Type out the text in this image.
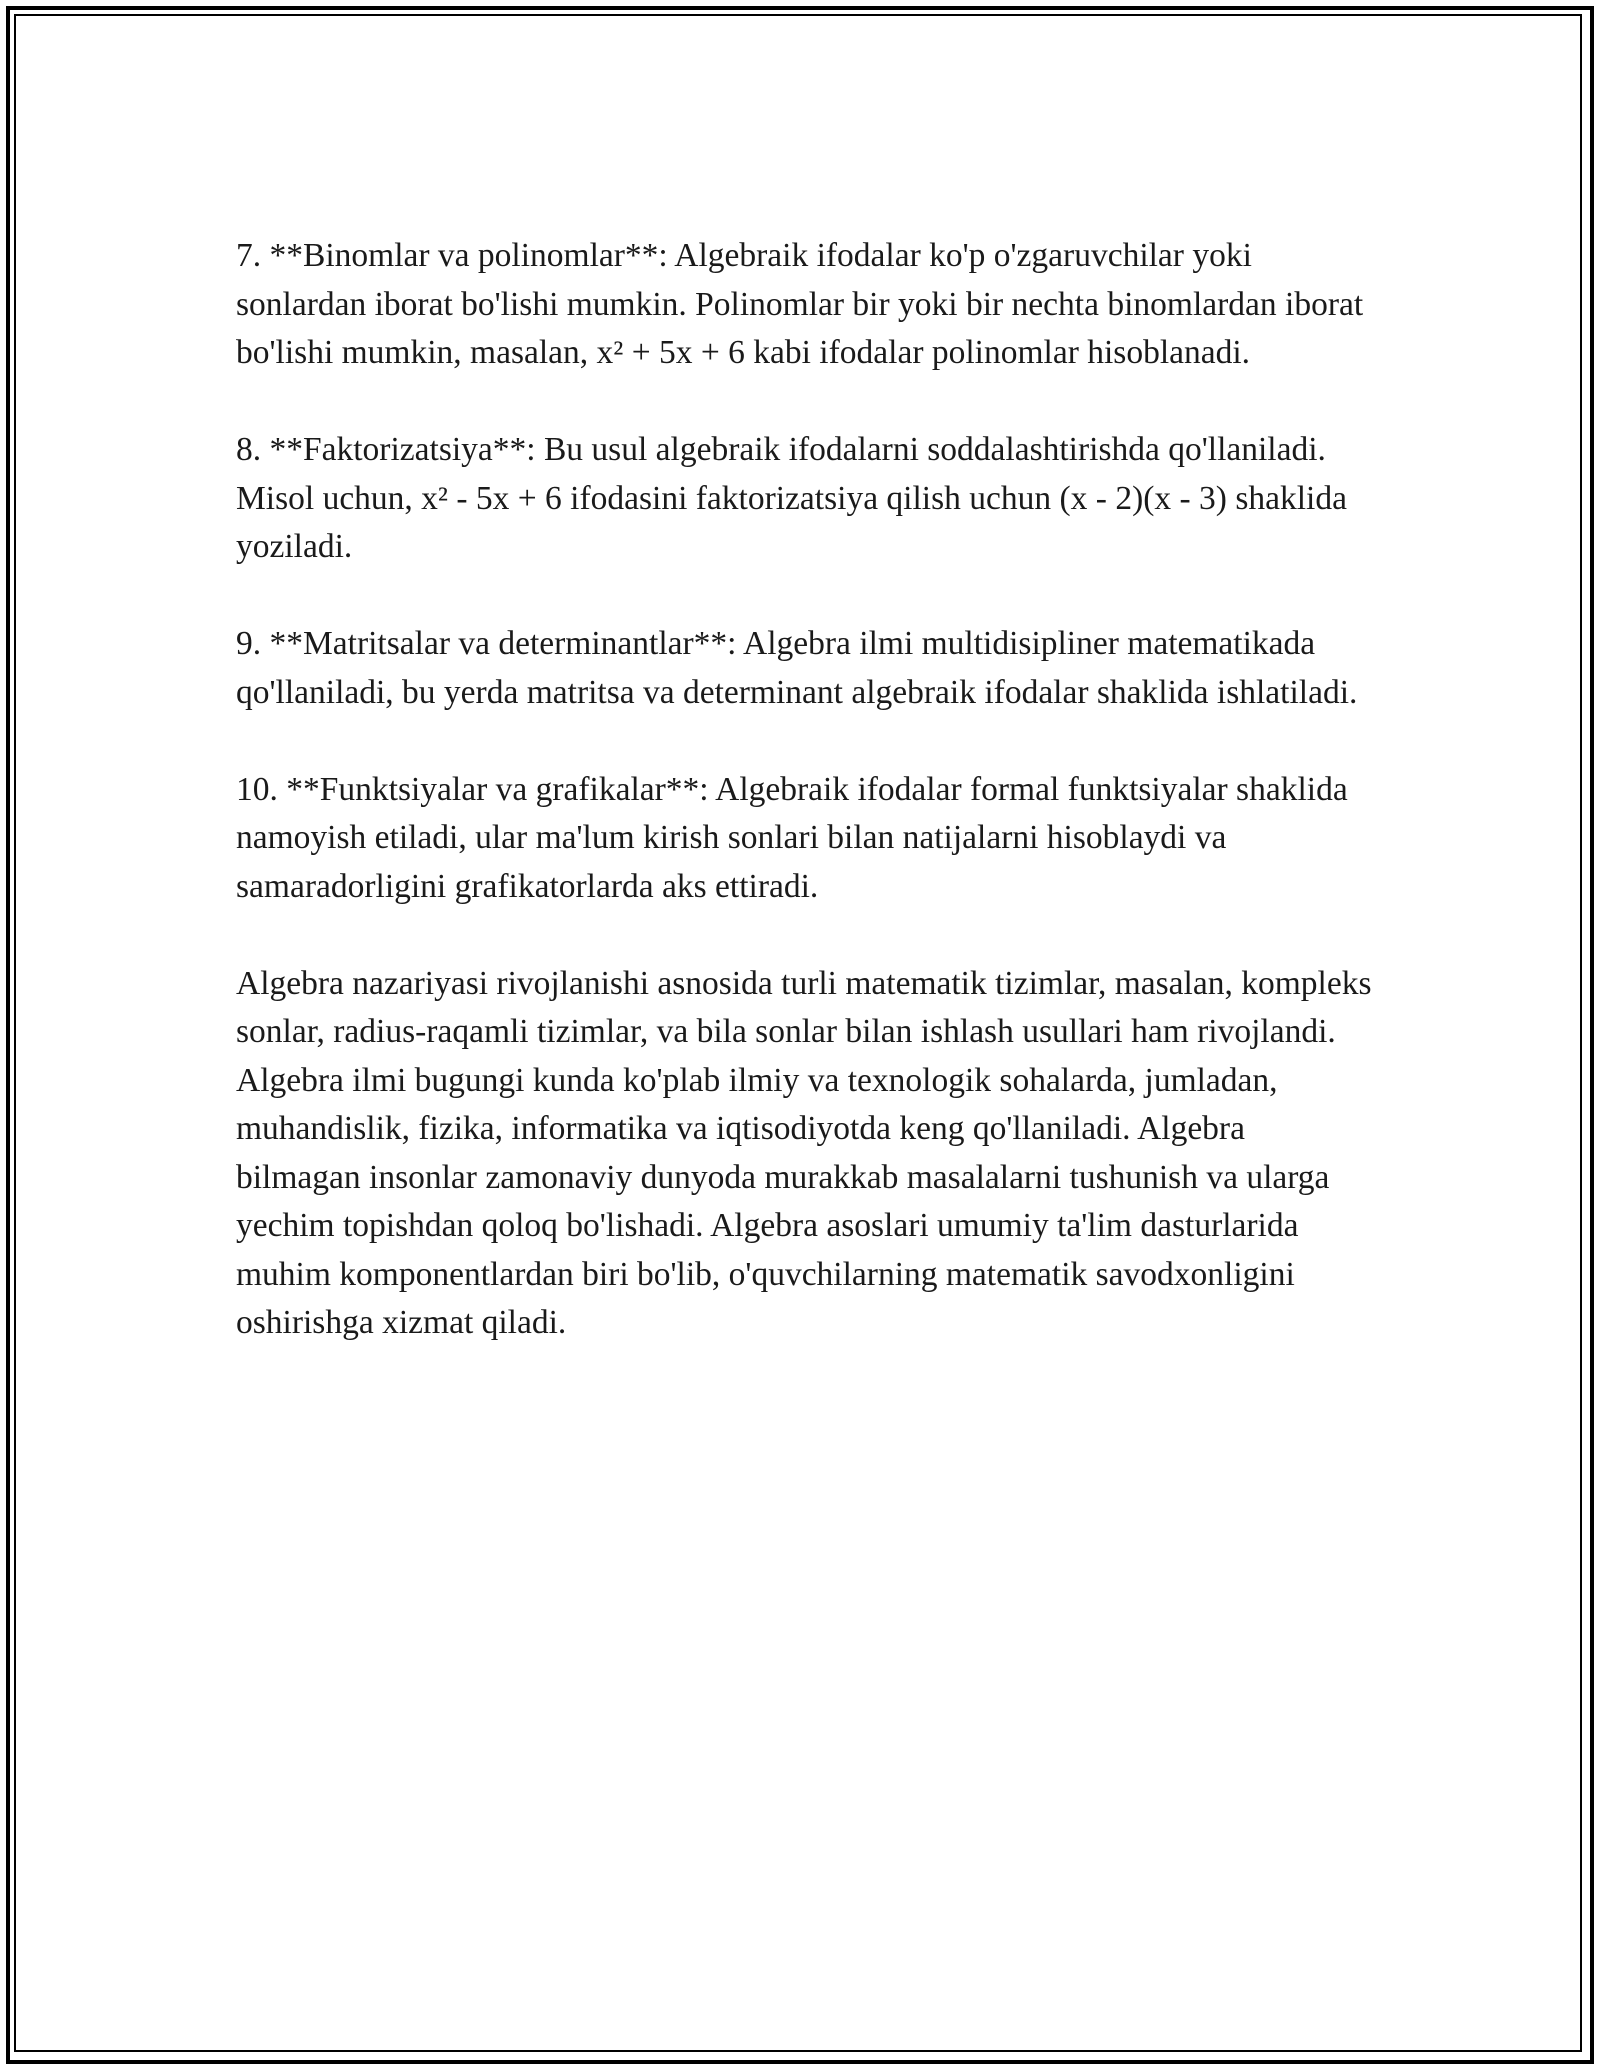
7. **Binomlar va polinomlar**: Algebraik ifodalar ko'p o'zgaruvchilar yoki sonlardan iborat bo'lishi mumkin. Polinomlar bir yoki bir nechta binomlardan iborat bo'lishi mumkin, masalan, x² + 5x + 6 kabi ifodalar polinomlar hisoblanadi.

8. **Faktorizatsiya**: Bu usul algebraik ifodalarni soddalashtirishda qo'llaniladi. Misol uchun, x² - 5x + 6 ifodasini faktorizatsiya qilish uchun (x - 2)(x - 3) shaklida yoziladi.

9. **Matritsalar va determinantlar**: Algebra ilmi multidisipliner matematikada qo'llaniladi, bu yerda matritsa va determinant algebraik ifodalar shaklida ishlatiladi.

10. **Funktsiyalar va grafikalar**: Algebraik ifodalar formal funktsiyalar shaklida namoyish etiladi, ular ma'lum kirish sonlari bilan natijalarni hisoblaydi va samaradorligini grafikatorlarda aks ettiradi.

Algebra nazariyasi rivojlanishi asnosida turli matematik tizimlar, masalan, kompleks sonlar, radius-raqamli tizimlar, va bila sonlar bilan ishlash usullari ham rivojlandi. Algebra ilmi bugungi kunda ko'plab ilmiy va texnologik sohalarda, jumladan, muhandislik, fizika, informatika va iqtisodiyotda keng qo'llaniladi. Algebra bilmagan insonlar zamonaviy dunyoda murakkab masalalarni tushunish va ularga yechim topishdan qoloq bo'lishadi. Algebra asoslari umumiy ta'lim dasturlarida muhim komponentlardan biri bo'lib, o'quvchilarning matematik savodxonligini oshirishga xizmat qiladi.
